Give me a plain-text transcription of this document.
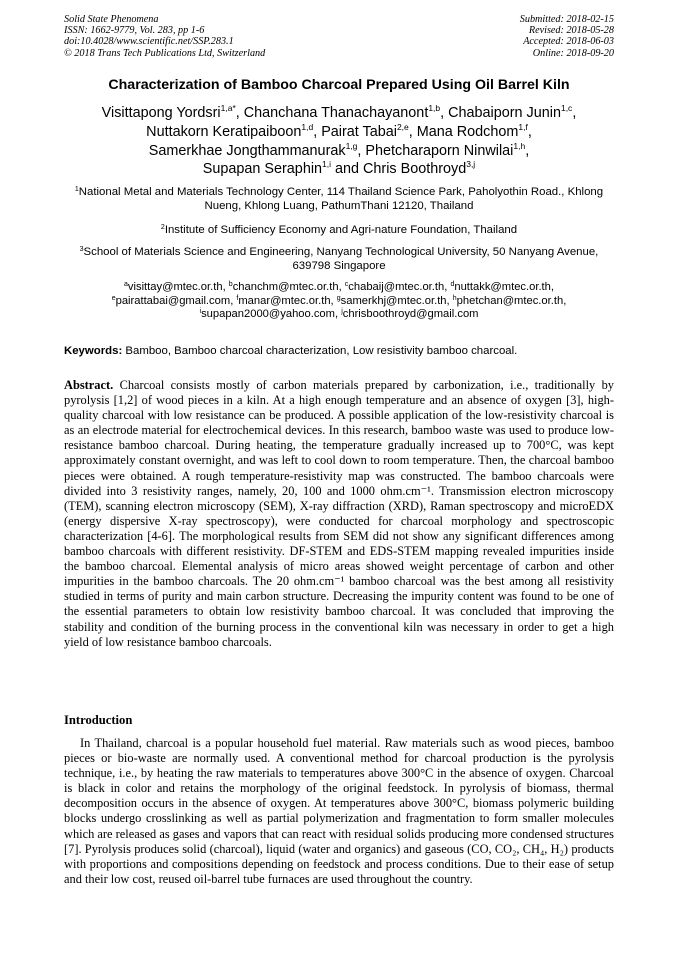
Solid State Phenomena
ISSN: 1662-9779, Vol. 283, pp 1-6
doi:10.4028/www.scientific.net/SSP.283.1
© 2018 Trans Tech Publications Ltd, Switzerland
Submitted: 2018-02-15
Revised: 2018-05-28
Accepted: 2018-06-03
Online: 2018-09-20
Characterization of Bamboo Charcoal Prepared Using Oil Barrel Kiln
Visittapong Yordsri$^{1,a*}$, Chanchana Thanachayanont$^{1,b}$, Chabaiporn Junin$^{1,c}$,
Nuttakorn Keratipaiboon$^{1,d}$, Pairat Tabai$^{2,e}$, Mana Rodchom$^{1,f}$,
Samerkhae Jongthammanurak$^{1,g}$, Phetcharaporn Ninwilai$^{1,h}$,
Supapan Seraphin$^{1,i}$ and Chris Boothroyd$^{3,j}$
$^1$National Metal and Materials Technology Center, 114 Thailand Science Park, Paholyothin Road., Khlong Nueng, Khlong Luang, PathumThani 12120, Thailand
$^2$Institute of Sufficiency Economy and Agri-nature Foundation, Thailand
$^3$School of Materials Science and Engineering, Nanyang Technological University, 50 Nanyang Avenue, 639798 Singapore
$^a$visittay@mtec.or.th, $^b$chanchm@mtec.or.th, $^c$chabaij@mtec.or.th, $^d$nuttakk@mtec.or.th,
$^e$pairattabai@gmail.com, $^f$manar@mtec.or.th, $^g$samerkhj@mtec.or.th, $^h$phetchan@mtec.or.th,
$^i$supapan2000@yahoo.com, $^j$chrisboothroyd@gmail.com
Keywords: Bamboo, Bamboo charcoal characterization, Low resistivity bamboo charcoal.
Abstract. Charcoal consists mostly of carbon materials prepared by carbonization, i.e., traditionally by pyrolysis [1,2] of wood pieces in a kiln. At a high enough temperature and an absence of oxygen [3], high-quality charcoal with low resistance can be produced. A possible application of the low-resistivity charcoal is as an electrode material for electrochemical devices. In this research, bamboo waste was used to produce low-resistance bamboo charcoal. During heating, the temperature gradually increased up to 700°C, was kept approximately constant overnight, and was left to cool down to room temperature. Then, the charcoal bamboo pieces were obtained. A rough temperature-resistivity map was constructed. The bamboo charcoals were divided into 3 resistivity ranges, namely, 20, 100 and 1000 ohm.cm⁻¹. Transmission electron microscopy (TEM), scanning electron microscopy (SEM), X-ray diffraction (XRD), Raman spectroscopy and microEDX (energy dispersive X-ray spectroscopy), were conducted for charcoal morphology and spectroscopic characterization [4-6]. The morphological results from SEM did not show any significant differences among bamboo charcoals with different resistivity. DF-STEM and EDS-STEM mapping revealed impurities inside the bamboo charcoal. Elemental analysis of micro areas showed weight percentage of carbon and other impurities in the bamboo charcoals. The 20 ohm.cm⁻¹ bamboo charcoal was the best among all resistivity studied in terms of purity and main carbon structure. Decreasing the impurity content was found to be one of the essential parameters to obtain low resistivity bamboo charcoal. It was concluded that improving the stability and condition of the burning process in the conventional kiln was necessary in order to get a high yield of low resistance bamboo charcoals.
Introduction
In Thailand, charcoal is a popular household fuel material. Raw materials such as wood pieces, bamboo pieces or bio-waste are normally used. A conventional method for charcoal production is the pyrolysis technique, i.e., by heating the raw materials to temperatures above 300°C in the absence of oxygen. Charcoal is black in color and retains the morphology of the original feedstock. In pyrolysis of biomass, thermal decomposition occurs in the absence of oxygen. At temperatures above 300°C, biomass polymeric building blocks undergo crosslinking as well as partial polymerization and fragmentation to form smaller molecules which are released as gases and vapors that can react with residual solids producing more condensed structures [7]. Pyrolysis produces solid (charcoal), liquid (water and organics) and gaseous (CO, CO₂, CH₄, H₂) products with proportions and compositions depending on feedstock and process conditions. Due to their ease of setup and their low cost, reused oil-barrel tube furnaces are used throughout the country.
